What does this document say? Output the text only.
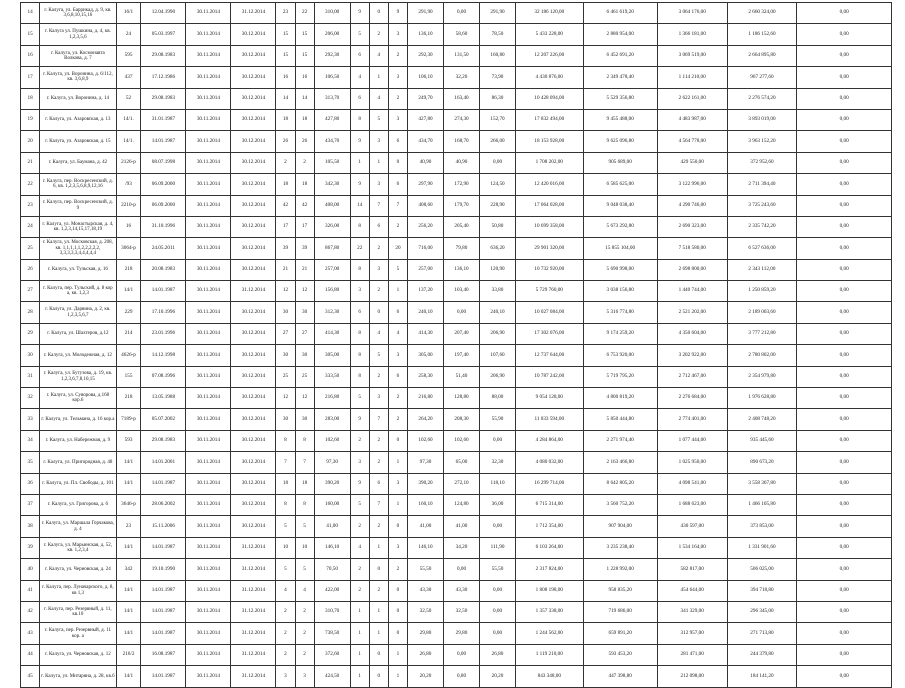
14	г. Калуга, ул. Баррикад, д. 9, кв. 3,6,8,10,15,16	16/1	12.04.1990	30.11.2014	31.12.2014	23	22	310,00	9	0	9	291,90	0,00	291,90	32 186 120,00	6 461 619,20	3 064 176,00	2 660 324,00	0,00
15	г. Калуга ул. Пушкина, д. 4, кв. 1,2,3,5,6	24	05.03.1997	30.11.2014	30.12.2014	15	15	206,00	5	2	3	136,10	58,60	78,50	5 433 228,00	2 880 954,00	1 366 181,00	1 186 152,60	0,00
16	г. Калуга, ул. Космонавта Волкова, д. 7	595	29.08.1983	30.11.2014	30.12.2014	15	15	292,30	6	4	2	292,30	131,50	160,80	12 207 226,00	6 452 691,20	3 069 519,00	2 664 895,80	0,00
17	г. Калуга, ул. Воронина, д. 6/112, кв. 3,6,8,9	437	17.12.1986	30.11.2014	30.12.2014	16	16	106,50	4	1	3	106,10	32,20	73,90	4 430 876,00	2 349 478,40	1 114 210,00	967 277,60	0,00
18	г. Калуга, ул. Воронина, д. 14	52	29.08.1983	30.11.2014	30.12.2014	14	14	313,70	6	4	2	249,70	163,40	86,30	10 428 094,00	5 529 356,80	2 622 161,00	2 276 574,20	0,00
19	г. Калуга, ул. Азаровская, д. 13	14/1.	31.01.1987	30.11.2014	30.12.2014	18	18	427,80	8	5	3	427,80	274,30	152,70	17 832 494,00	9 455 488,00	4 483 987,00	3 893 019,00	0,00
20	г. Калуга, ул. Азаровская, д. 15	14/1.	14.01.1987	30.11.2014	30.12.2014	26	26	434,70	9	3	6	434,70	168,70	266,00	18 153 928,00	9 625 096,80	4 564 778,00	3 963 152,20	0,00
21	г. Калуга, ул. Баумана, д. 42	2126-р	08.07.1998	30.11.2014	30.12.2014	2	2	105,50	1	1	0	40,90	40,90	0,00	1 708 202,00	905 689,00	429 550,00	372 952,60	0,00
22	г. Калуга, пер. Воскресенский, д. 6, кв. 1,2,3,5,6,8,9,12,16	/93	06.09.2000	30.11.2014	30.12.2014	18	18	342,30	9	3	6	297,90	172,90	124,50	12 420 016,00	6 585 625,00	3 122 996,00	2 711 394,40	0,00
23	г. Калуга, пер. Воскресенский, д. 9	2210-р	06.09.2000	30.11.2014	30.12.2014	42	42	408,00	14	7	7	408,60	179,70	228,90	17 064 028,00	9 048 038,40	4 290 746,00	3 725 243,60	0,00
24	г. Калуга, ул. Монастырская, д. 4, кв. 1,2,3,14,15,17,18,19	16	31.10.1996	30.11.2014	30.12.2014	17	17	326,00	8	6	2	256,20	205,40	50,80	10 699 358,00	5 673 292,80	2 690 323,00	2 335 742,20	0,00
25	г. Калуга, ул. Московская, д. 208, кв. 1,1,1,1,1,2,2,2,2,2, 3,3,3,3,3,4,4,4,4,4	3064-р	24.05.2011	30.11.2014	30.12.2014	39	39	867,80	22	2	20	716,00	79,80	636,20	29 901 320,00	15 855 104,00	7 518 580,00	6 527 636,00	0,00
26	г. Калуга, ул. Тульская, д. 16	218	20.08.1983	30.11.2014	30.12.2014	21	21	257,00	8	3	5	257,00	136,10	120,90	10 732 920,00	5 690 998,00	2 698 800,00	2 343 112,00	0,00
27	г. Калуга, пер. Тульский, д. 8 кор а, кв. 1,2,3	14/1	14.01.1987	30.11.2014	31.12.2014	12	12	156,80	3	2	1	137,20	103,40	33,80	5 729 760,00	3 038 156,80	1 440 744,00	1 250 859,20	0,00
28	г. Калуга, ул. Дарвина, д. 2, кв. 1,2,3,5,6,7	229	17.10.1996	30.11.2014	30.12.2014	30	30	312,30	6	0	6	240,10	0,00	240,10	10 027 084,00	5 316 774,80	2 521 202,00	2 189 003,60	0,00
29	г. Калуга, ул. Шахтеров, д.12	214	23.01.1996	30.11.2014	30.12.2014	27	27	414,30	8	4	4	414,30	207,40	206,90	17 302 076,00	9 174 259,20	4 350 604,00	3 777 212,80	0,00
30	г. Калуга, ул. Молодежная, д. 12	4626-р	14.12.1998	30.11.2014	30.12.2014	30	30	305,00	8	5	3	305,00	197,40	107,60	12 737 644,00	6 753 920,00	3 202 922,00	2 780 802,00	0,00
31	г. Калуга, ул. Бутузова, д. 19, кв. 1,2,3,6,7,8,10,15	155	07.08.1996	30.11.2014	30.12.2014	25	25	333,50	8	2	6	258,30	51,40	206,90	10 787 242,00	5 719 795,20	2 712 467,00	2 354 979,80	0,00
32	г. Калуга, ул. Суворова, д.168 кор.6	218	13.05.1988	30.11.2014	30.12.2014	12	12	216,80	5	3	2	216,80	128,80	88,00	9 054 128,00	4 800 819,20	2 276 684,00	1 976 628,80	0,00
33	г. Калуга, ул. Тельмана, д. 16 кор.а	7189-р	05.07.2002	30.11.2014	30.12.2014	30	30	283,00	9	7	2	264,20	208,30	55,90	11 033 594,00	5 850 444,80	2 774 401,00	2 408 748,20	0,00
34	г. Калуга, ул. Набережная, д. 9	593	29.08.1983	30.11.2014	30.12.2014	8	8	102,60	2	2	0	102,60	102,60	0,00	4 284 864,00	2 271 974,40	1 077 444,00	935 445,60	0,00
35	г. Калуга, ул. Пригородная, д. 48	14/1	14.01.2001	30.11.2014	30.12.2014	7	7	97,30	3	2	1	97,30	65,00	32,30	4 080 032,00	2 163 466,80	1 025 950,00	890 673,20	0,00
36	г. Калуга, ул. Пл. Свободы, д. 101	14/1	14.01.1987	30.11.2014	30.12.2014	18	18	390,20	9	6	3	390,20	272,10	118,10	16 299 714,00	8 642 805,20	4 098 541,00	3 558 367,80	0,00
37	г. Калуга, ул. Григорова, д. 6	3646-р	28.06.2002	30.11.2014	30.12.2014	8	8	160,00	5	7	1	160,10	124,80	36,00	6 715 314,00	3 560 752,20	1 688 623,00	1 466 105,80	0,00
38	г. Калуга, ул. Маршала Горчакова, д. 4	23	15.11.2006	30.11.2014	30.12.2014	5	5	41,00	2	2	0	41,00	41,00	0,00	1 712 354,00	907 904,00	430 597,00	373 853,00	0,00
39	г. Калуга, ул. Марьинская, д. 52, кв. 1,2,3,4	14/1	14.01.1987	30.11.2014	31.12.2014	10	10	146,10	4	1	3	146,10	34,20	111,90	6 103 264,00	3 235 238,40	1 534 164,00	1 331 901,60	0,00
40	г. Калуга, ул. Черновская, д. 24	342	19.10.1990	30.11.2014	31.12.2014	5	5	70,50	2	0	2	55,50	0,00	55,50	2 317 824,00	1 228 992,00	582 817,00	506 025,00	0,00
41	г. Калуга, пер. Луначарского, д. 8, кв 1,3	14/1	14.01.1987	30.11.2014	31.12.2014	4	4	422,00	2	2	0	43,30	43,30	0,00	1 808 198,00	958 835,20	454 644,00	394 718,80	0,00
42	г. Калуга, пер. Резервный, д. 11, кв.10	14/1	14.01.1987	30.11.2014	31.12.2014	2	2	310,70	1	1	0	32,50	32,50	0,00	1 357 338,00	719 686,00	341 329,00	296 345,00	0,00
43	г. Калуга, пер. Резервный, д. 11 кор. а	14/1	14.01.1987	30.11.2014	31.12.2014	2	2	738,50	1	1	0	29,80	29,80	0,00	1 244 562,00	659 891,20	312 957,00	271 713,80	0,00
44	г. Калуга, ул. Черновская, д. 12	216/2	16.08.1987	30.11.2014	31.12.2014	2	2	372,60	1	0	1	26,80	0,00	26,80	1 119 210,00	593 453,20	281 471,00	244 379,80	0,00
45	г. Калуга, ул. Митаряна, д. 28, кв.6	14/1	14.01.1987	30.11.2014	31.12.2014	3	3	424,50	1	0	1	20,20	0,80	20,20	843 348,00	447 398,80	212 098,00	184 141,20	0,00
